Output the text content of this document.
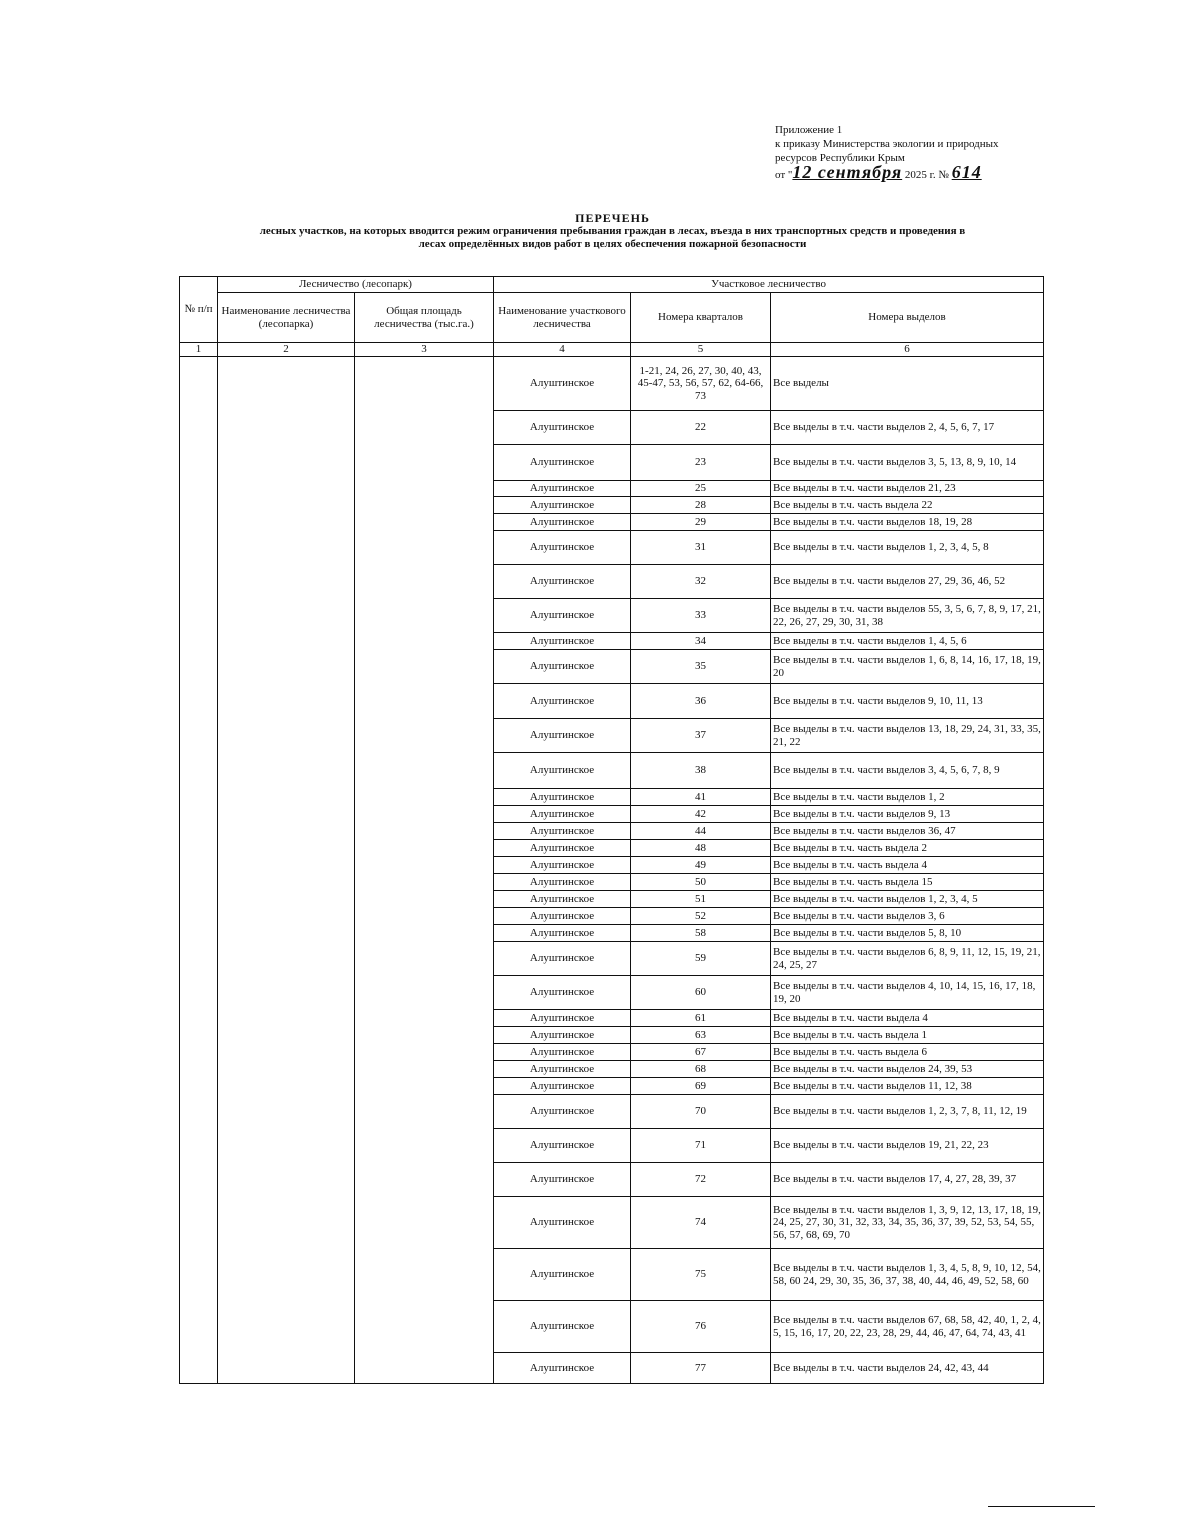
Приложение 1
к приказу Министерства экологии и природных
ресурсов Республики Крым
от "12 сентября 2025 г. № 614
ПЕРЕЧЕНЬ
лесных участков, на которых вводится режим ограничения пребывания граждан в лесах, въезда в них транспортных средств и проведения в
лесах определённых видов работ в целях обеспечения пожарной безопасности
№ п/п	Лесничество (лесопарк)		Участковое лесничество		
	Наименование лесничества (лесопарка)	Общая площадь лесничества (тыс.га.)	Наименование участкового лесничества	Номера кварталов	Номера выделов
1	2	3	4	5	6
			Алуштинское	1-21, 24, 26, 27, 30, 40, 43, 45-47, 53, 56, 57, 62, 64-66, 73	Все выделы
			Алуштинское	22	Все выделы в т.ч. части выделов 2, 4, 5, 6, 7, 17
			Алуштинское	23	Все выделы в т.ч. части выделов 3, 5, 13, 8, 9, 10, 14
			Алуштинское	25	Все выделы в т.ч. части выделов 21, 23
			Алуштинское	28	Все выделы в т.ч. часть выдела 22
			Алуштинское	29	Все выделы в т.ч. части выделов 18, 19, 28
			Алуштинское	31	Все выделы в т.ч. части выделов 1, 2, 3, 4, 5, 8
			Алуштинское	32	Все выделы в т.ч. части выделов 27, 29, 36, 46, 52
			Алуштинское	33	Все выделы в т.ч. части выделов 55, 3, 5, 6, 7, 8, 9, 17, 21, 22, 26, 27, 29, 30, 31, 38
			Алуштинское	34	Все выделы в т.ч. части выделов 1, 4, 5, 6
			Алуштинское	35	Все выделы в т.ч. части выделов 1, 6, 8, 14, 16, 17, 18, 19, 20
			Алуштинское	36	Все выделы в т.ч. части выделов 9, 10, 11, 13
			Алуштинское	37	Все выделы в т.ч. части выделов 13, 18, 29, 24, 31, 33, 35, 21, 22
			Алуштинское	38	Все выделы в т.ч. части выделов 3, 4, 5, 6, 7, 8, 9
			Алуштинское	41	Все выделы в т.ч. части выделов 1, 2
			Алуштинское	42	Все выделы в т.ч. части выделов 9, 13
			Алуштинское	44	Все выделы в т.ч. части выделов 36, 47
			Алуштинское	48	Все выделы в т.ч. часть выдела 2
			Алуштинское	49	Все выделы в т.ч. часть выдела 4
			Алуштинское	50	Все выделы в т.ч. часть выдела 15
			Алуштинское	51	Все выделы в т.ч. части выделов 1, 2, 3, 4, 5
			Алуштинское	52	Все выделы в т.ч. части выделов 3, 6
			Алуштинское	58	Все выделы в т.ч. части выделов 5, 8, 10
			Алуштинское	59	Все выделы в т.ч. части выделов 6, 8, 9, 11, 12, 15, 19, 21, 24, 25, 27
			Алуштинское	60	Все выделы в т.ч. части выделов 4, 10, 14, 15, 16, 17, 18, 19, 20
			Алуштинское	61	Все выделы в т.ч. части выдела 4
			Алуштинское	63	Все выделы в т.ч. часть выдела 1
			Алуштинское	67	Все выделы в т.ч. часть выдела 6
			Алуштинское	68	Все выделы в т.ч. части выделов 24, 39, 53
			Алуштинское	69	Все выделы в т.ч. части выделов 11, 12, 38
			Алуштинское	70	Все выделы в т.ч. части выделов 1, 2, 3, 7, 8, 11, 12, 19
			Алуштинское	71	Все выделы в т.ч. части выделов 19, 21, 22, 23
			Алуштинское	72	Все выделы в т.ч. части выделов 17, 4, 27, 28, 39, 37
			Алуштинское	74	Все выделы в т.ч. части выделов 1, 3, 9, 12, 13, 17, 18, 19, 24, 25, 27, 30, 31, 32, 33, 34, 35, 36, 37, 39, 52, 53, 54, 55, 56, 57, 68, 69, 70
			Алуштинское	75	Все выделы в т.ч. части выделов 1, 3, 4, 5, 8, 9, 10, 12, 54, 58, 60 24, 29, 30, 35, 36, 37, 38, 40, 44, 46, 49, 52, 58, 60
			Алуштинское	76	Все выделы в т.ч. части выделов 67, 68, 58, 42, 40, 1, 2, 4, 5, 15, 16, 17, 20, 22, 23, 28, 29, 44, 46, 47, 64, 74, 43, 41
			Алуштинское	77	Все выделы в т.ч. части выделов 24, 42, 43, 44
